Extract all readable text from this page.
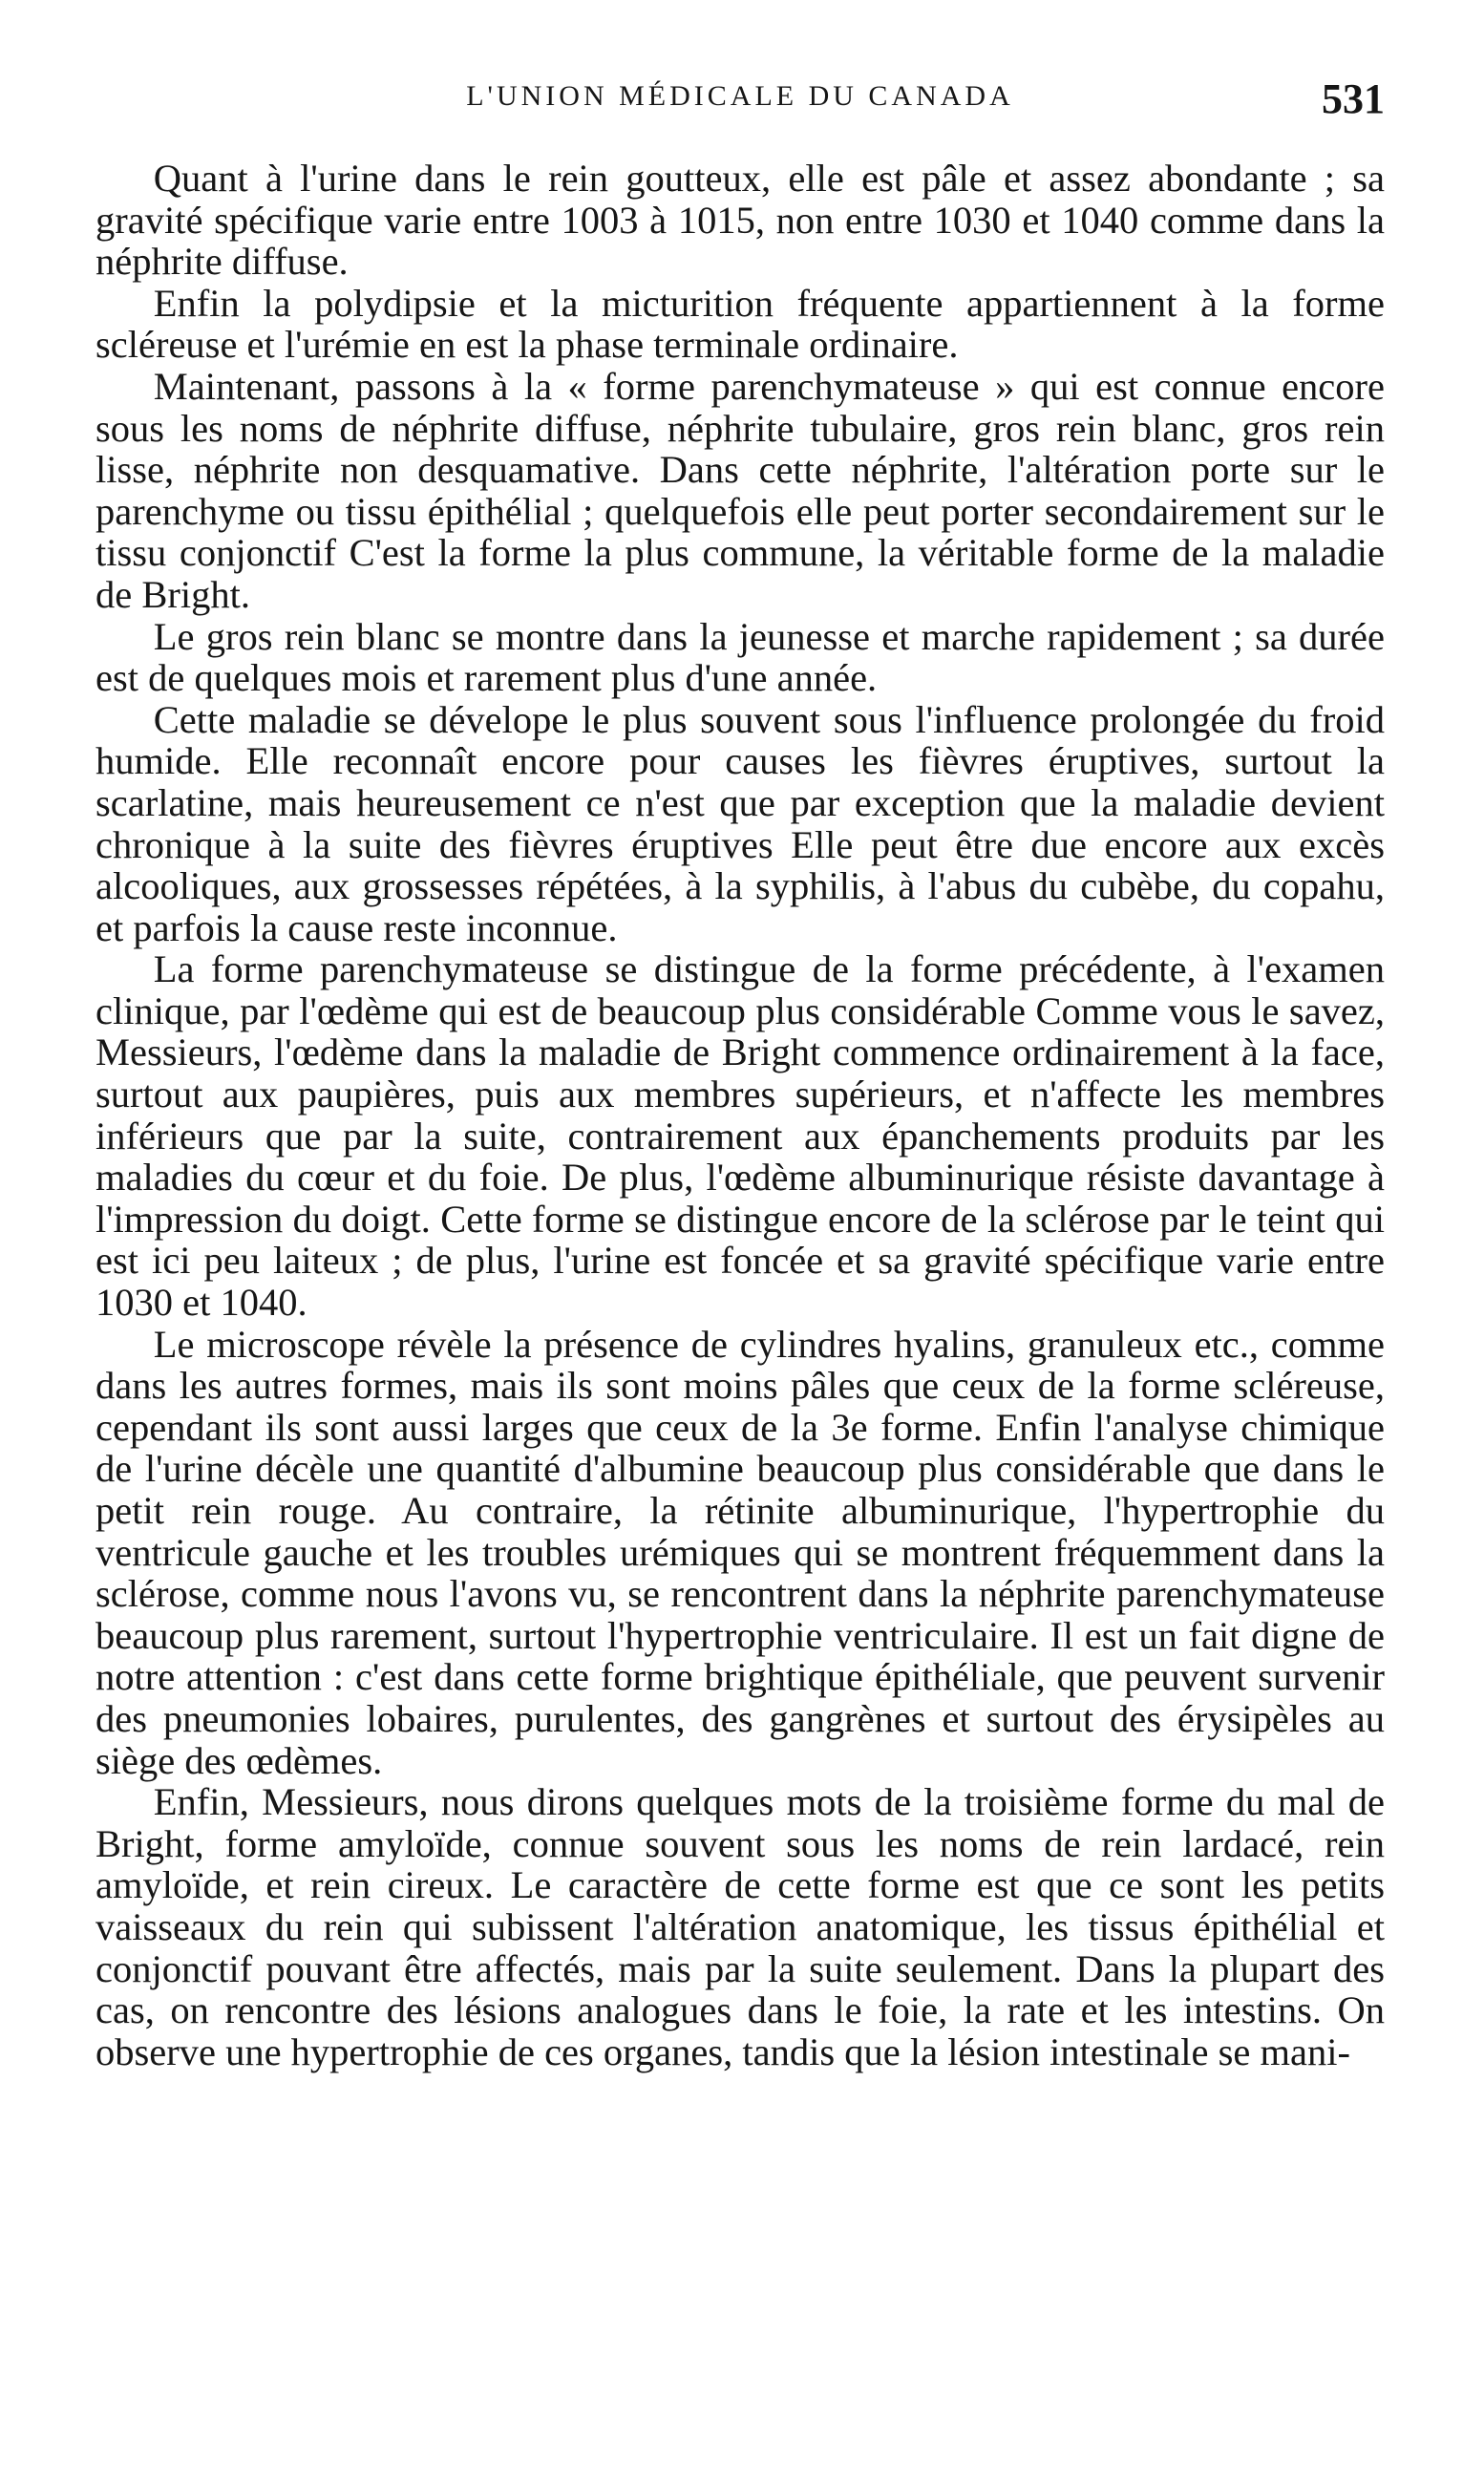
L'UNION MÉDICALE DU CANADA	531

Quant à l'urine dans le rein goutteux, elle est pâle et assez abondante ; sa gravité spécifique varie entre 1003 à 1015, non entre 1030 et 1040 comme dans la néphrite diffuse.

Enfin la polydipsie et la micturition fréquente appartiennent à la forme scléreuse et l'urémie en est la phase terminale ordinaire.

Maintenant, passons à la « forme parenchymateuse » qui est connue encore sous les noms de néphrite diffuse, néphrite tubulaire, gros rein blanc, gros rein lisse, néphrite non desquamative. Dans cette néphrite, l'altération porte sur le parenchyme ou tissu épithélial ; quelquefois elle peut porter secondairement sur le tissu conjonctif C'est la forme la plus commune, la véritable forme de la maladie de Bright.

Le gros rein blanc se montre dans la jeunesse et marche rapidement ; sa durée est de quelques mois et rarement plus d'une année.

Cette maladie se dévelope le plus souvent sous l'influence prolongée du froid humide. Elle reconnaît encore pour causes les fièvres éruptives, surtout la scarlatine, mais heureusement ce n'est que par exception que la maladie devient chronique à la suite des fièvres éruptives Elle peut être due encore aux excès alcooliques, aux grossesses répétées, à la syphilis, à l'abus du cubèbe, du copahu, et parfois la cause reste inconnue.

La forme parenchymateuse se distingue de la forme précédente, à l'examen clinique, par l'œdème qui est de beaucoup plus considérable Comme vous le savez, Messieurs, l'œdème dans la maladie de Bright commence ordinairement à la face, surtout aux paupières, puis aux membres supérieurs, et n'affecte les membres inférieurs que par la suite, contrairement aux épanchements produits par les maladies du cœur et du foie. De plus, l'œdème albuminurique résiste davantage à l'impression du doigt. Cette forme se distingue encore de la sclérose par le teint qui est ici peu laiteux ; de plus, l'urine est foncée et sa gravité spécifique varie entre 1030 et 1040.

Le microscope révèle la présence de cylindres hyalins, granuleux etc., comme dans les autres formes, mais ils sont moins pâles que ceux de la forme scléreuse, cependant ils sont aussi larges que ceux de la 3e forme. Enfin l'analyse chimique de l'urine décèle une quantité d'albumine beaucoup plus considérable que dans le petit rein rouge. Au contraire, la rétinite albuminurique, l'hypertrophie du ventricule gauche et les troubles urémiques qui se montrent fréquemment dans la sclérose, comme nous l'avons vu, se rencontrent dans la néphrite parenchymateuse beaucoup plus rarement, surtout l'hypertrophie ventriculaire. Il est un fait digne de notre attention : c'est dans cette forme brightique épithéliale, que peuvent survenir des pneumonies lobaires, purulentes, des gangrènes et surtout des érysipèles au siège des œdèmes.

Enfin, Messieurs, nous dirons quelques mots de la troisième forme du mal de Bright, forme amyloïde, connue souvent sous les noms de rein lardacé, rein amyloïde, et rein cireux. Le caractère de cette forme est que ce sont les petits vaisseaux du rein qui subissent l'altération anatomique, les tissus épithélial et conjonctif pouvant être affectés, mais par la suite seulement. Dans la plupart des cas, on rencontre des lésions analogues dans le foie, la rate et les intestins. On observe une hypertrophie de ces organes, tandis que la lésion intestinale se mani-
